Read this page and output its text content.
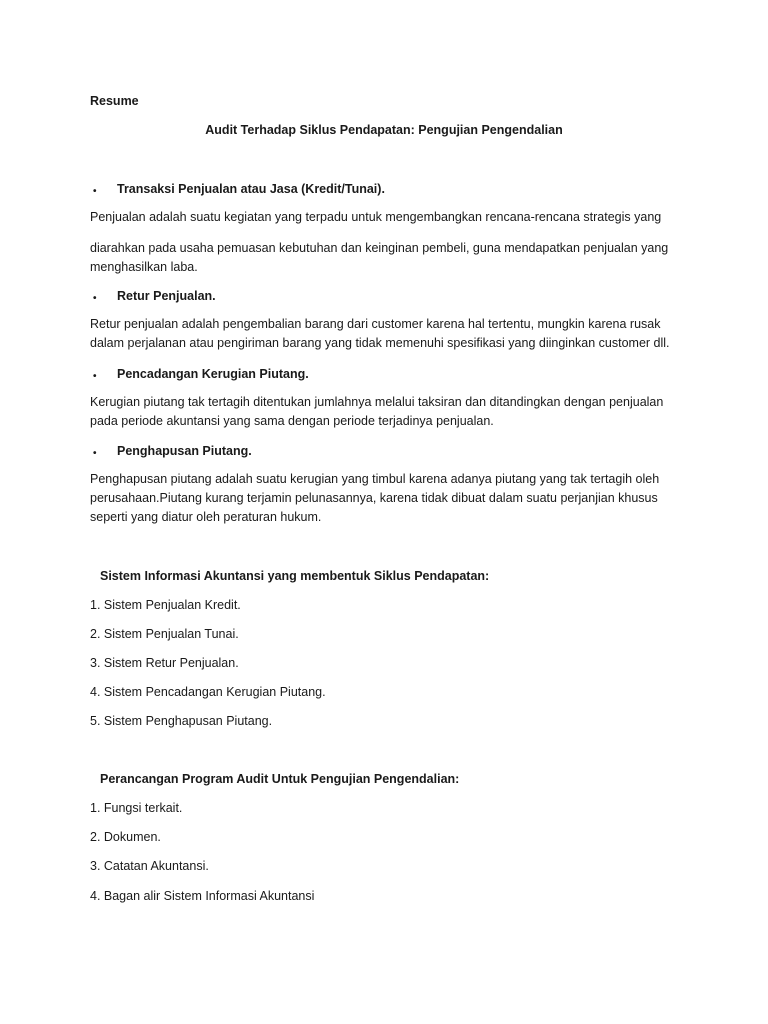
Resume

Audit Terhadap Siklus Pendapatan: Pengujian Pengendalian

• Transaksi Penjualan atau Jasa (Kredit/Tunai).

Penjualan adalah suatu kegiatan yang terpadu untuk mengembangkan rencana-rencana strategis yang

diarahkan pada usaha pemuasan kebutuhan dan keinginan pembeli, guna mendapatkan penjualan yang menghasilkan laba.

• Retur Penjualan.

Retur penjualan adalah pengembalian barang dari customer karena hal tertentu, mungkin karena rusak dalam perjalanan atau pengiriman barang yang tidak memenuhi spesifikasi yang diinginkan customer dll.

• Pencadangan Kerugian Piutang.

Kerugian piutang tak tertagih ditentukan jumlahnya melalui taksiran dan ditandingkan dengan penjualan pada periode akuntansi yang sama dengan periode terjadinya penjualan.

• Penghapusan Piutang.

Penghapusan piutang adalah suatu kerugian yang timbul karena adanya piutang yang tak tertagih oleh perusahaan.Piutang kurang terjamin pelunasannya, karena tidak dibuat dalam suatu perjanjian khusus seperti yang diatur oleh peraturan hukum.

Sistem Informasi Akuntansi yang membentuk Siklus Pendapatan:

1. Sistem Penjualan Kredit.

2. Sistem Penjualan Tunai.

3. Sistem Retur Penjualan.

4. Sistem Pencadangan Kerugian Piutang.

5. Sistem Penghapusan Piutang.

Perancangan Program Audit Untuk Pengujian Pengendalian:

1. Fungsi terkait.

2. Dokumen.

3. Catatan Akuntansi.

4. Bagan alir Sistem Informasi Akuntansi
